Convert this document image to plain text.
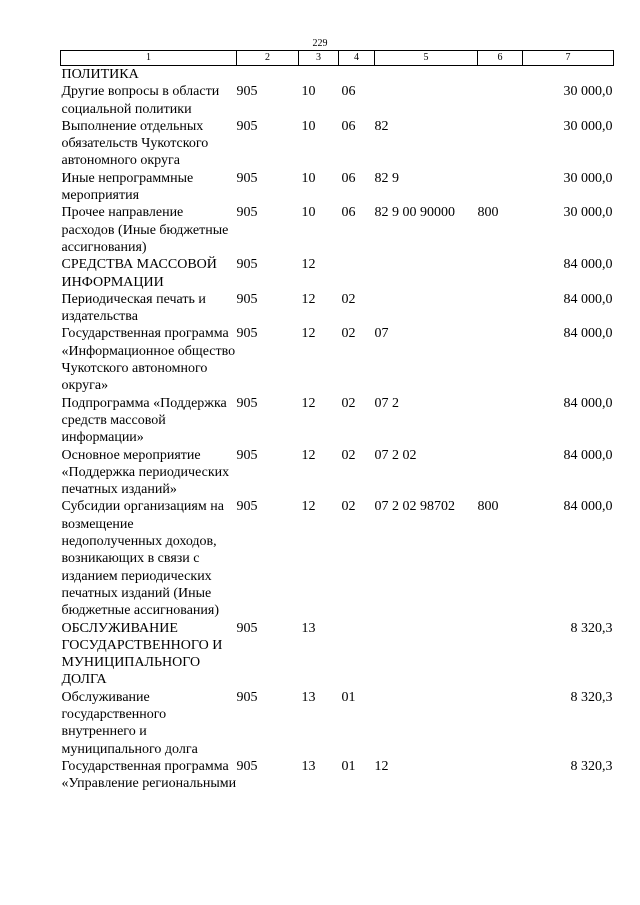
229
1	2	3	4	5	6	7
ПОЛИТИКА						
Другие вопросы в области социальной политики	905	10	06			30 000,0
Выполнение отдельных обязательств Чукотского автономного округа	905	10	06	82		30 000,0
Иные непрограммные мероприятия	905	10	06	82 9		30 000,0
Прочее направление расходов (Иные бюджетные ассигнования)	905	10	06	82 9 00 90000	800	30 000,0
СРЕДСТВА МАССОВОЙ ИНФОРМАЦИИ	905	12				84 000,0
Периодическая печать и издательства	905	12	02			84 000,0
Государственная программа «Информационное общество Чукотского автономного округа»	905	12	02	07		84 000,0
Подпрограмма «Поддержка средств массовой информации»	905	12	02	07 2		84 000,0
Основное мероприятие «Поддержка периодических печатных изданий»	905	12	02	07 2 02		84 000,0
Субсидии организациям на возмещение недополученных доходов, возникающих в связи с изданием периодических печатных изданий (Иные бюджетные ассигнования)	905	12	02	07 2 02 98702	800	84 000,0
ОБСЛУЖИВАНИЕ ГОСУДАРСТВЕННОГО И МУНИЦИПАЛЬНОГО ДОЛГА	905	13				8 320,3
Обслуживание государственного внутреннего и муниципального долга	905	13	01			8 320,3
Государственная программа «Управление региональными	905	13	01	12		8 320,3
